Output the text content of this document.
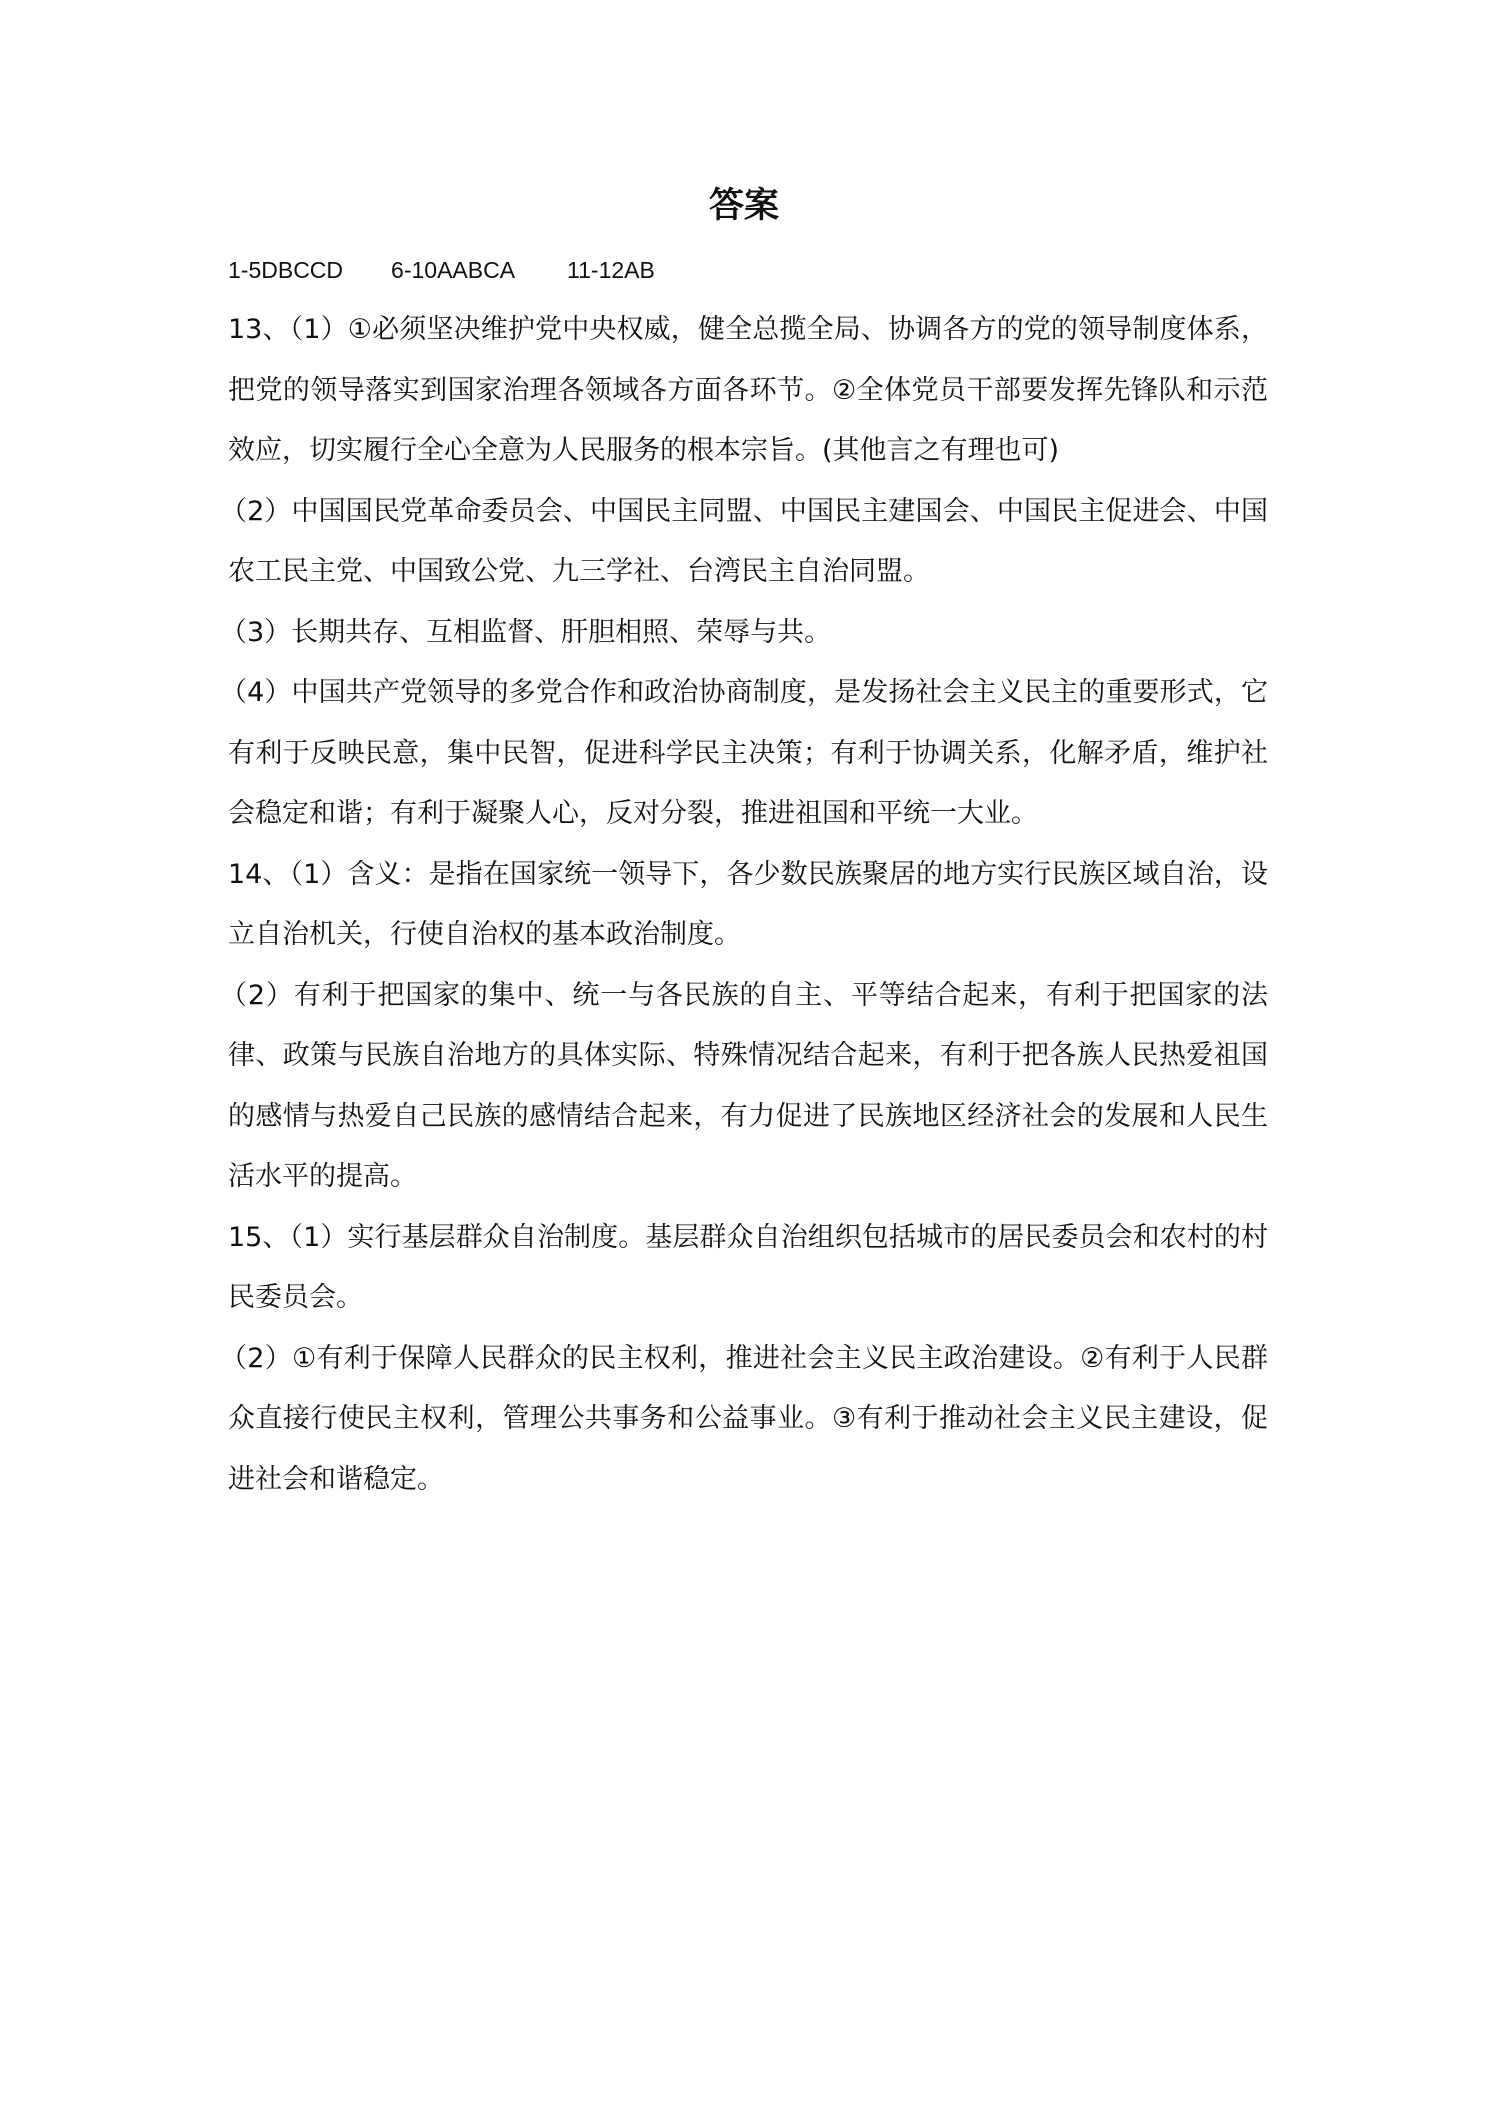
答案
1-5DBCCD 6-10AABCA 11-12AB

13、（1）①必须坚决维护党中央权威，健全总揽全局、协调各方的党的领导制度体系，把党的领导落实到国家治理各领域各方面各环节。②全体党员干部要发挥先锋队和示范效应，切实履行全心全意为人民服务的根本宗旨。(其他言之有理也可)

（2）中国国民党革命委员会、中国民主同盟、中国民主建国会、中国民主促进会、中国农工民主党、中国致公党、九三学社、台湾民主自治同盟。

（3）长期共存、互相监督、肝胆相照、荣辱与共。

（4）中国共产党领导的多党合作和政治协商制度，是发扬社会主义民主的重要形式，它有利于反映民意，集中民智，促进科学民主决策；有利于协调关系，化解矛盾，维护社会稳定和谐；有利于凝聚人心，反对分裂，推进祖国和平统一大业。

14、（1）含义：是指在国家统一领导下，各少数民族聚居的地方实行民族区域自治，设立自治机关，行使自治权的基本政治制度。

（2）有利于把国家的集中、统一与各民族的自主、平等结合起来，有利于把国家的法律、政策与民族自治地方的具体实际、特殊情况结合起来，有利于把各族人民热爱祖国的感情与热爱自己民族的感情结合起来，有力促进了民族地区经济社会的发展和人民生活水平的提高。

15、（1）实行基层群众自治制度。基层群众自治组织包括城市的居民委员会和农村的村民委员会。

（2）①有利于保障人民群众的民主权利，推进社会主义民主政治建设。②有利于人民群众直接行使民主权利，管理公共事务和公益事业。③有利于推动社会主义民主建设，促进社会和谐稳定。
